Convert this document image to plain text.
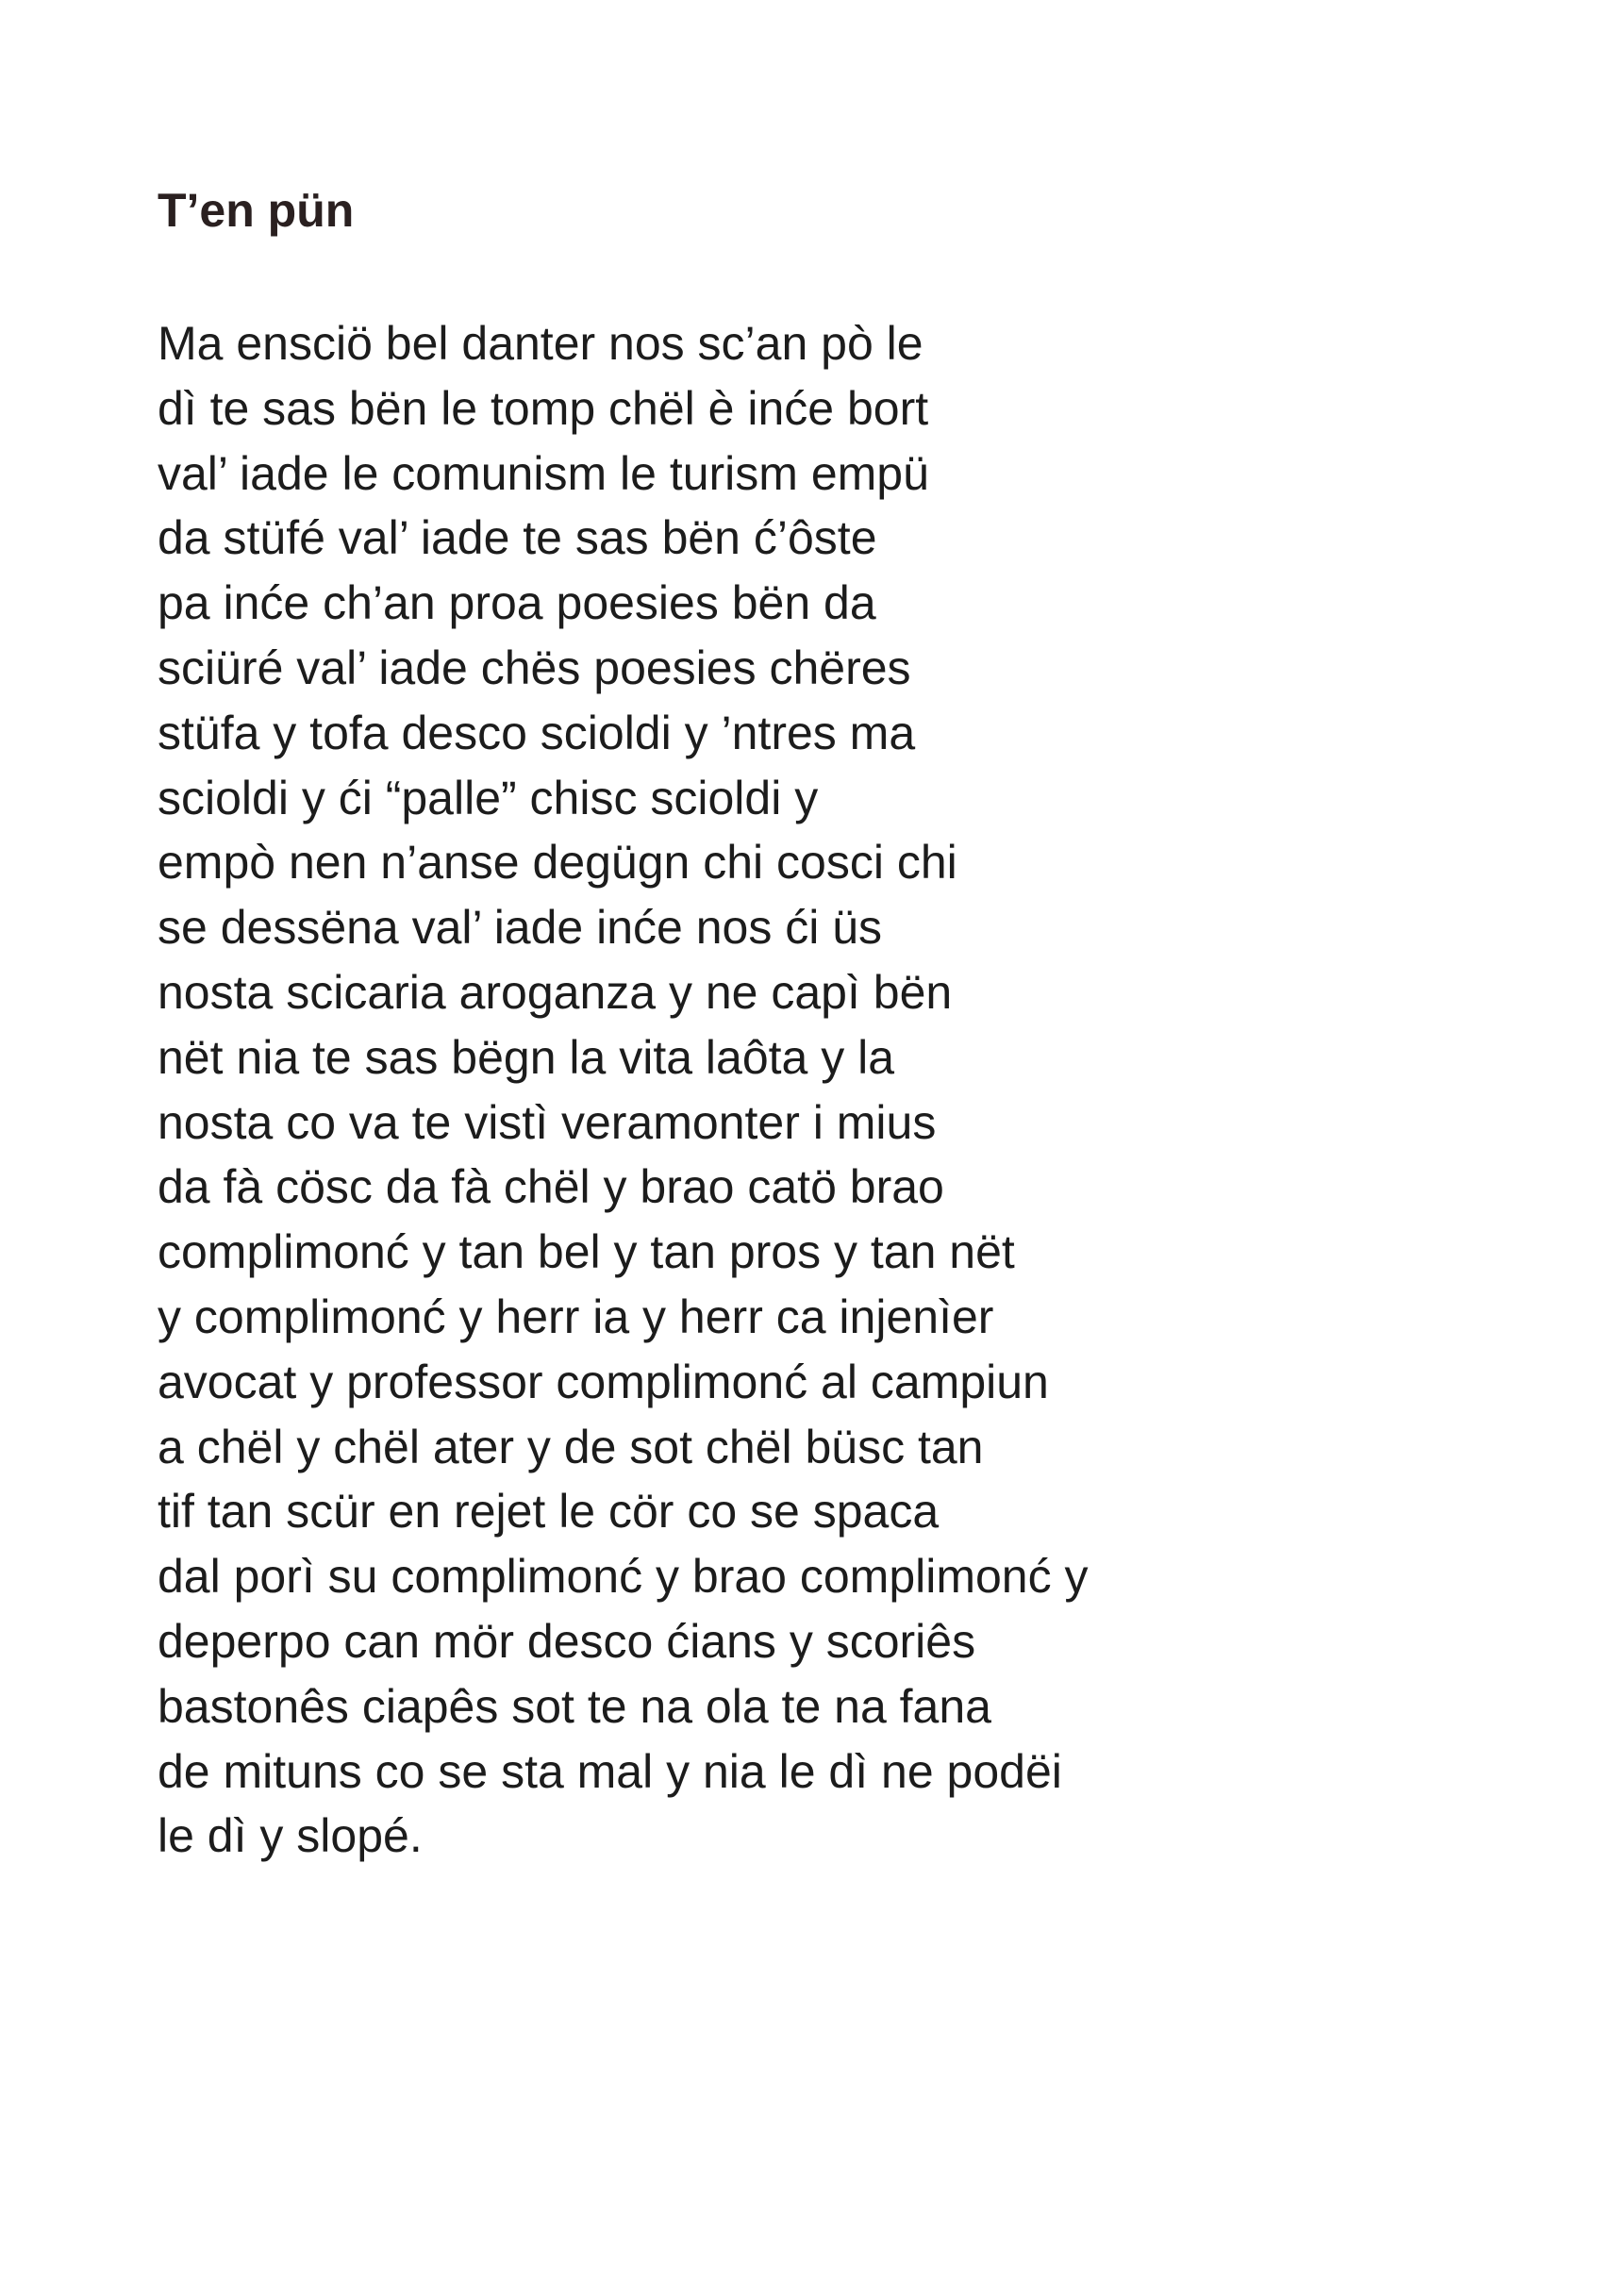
T’en pün
Ma ensciö bel danter nos sc’an pò le
dì te sas bën le tomp chël è inće bort
val’ iade le comunism le turism empü
da stüfé val’ iade te sas bën ć’ôste
pa inće ch’an proa poesies bën da
sciüré val’ iade chës poesies chëres
stüfa y tofa desco scioldi y ’ntres ma
scioldi y ći “palle” chisc scioldi y
empò nen n’anse degügn chi cosci chi
se dessëna val’ iade inće nos ći üs
nosta scicaria aroganza y ne capì bën
nët nia te sas bëgn la vita laôta y la
nosta co va te vistì veramonter i mius
da fà cösc da fà chël y brao catö brao
complimonć y tan bel y tan pros y tan nët
y complimonć y herr ia y herr ca injenìer
avocat y professor complimonć al campiun
a chël y chël ater y de sot chël büsc tan
tif tan scür en rejet le cör co se spaca
dal porì su complimonć y brao complimonć y
deperpo can mör desco ćians y scoriês
bastonês ciapês sot te na ola te na fana
de mituns co se sta mal y nia le dì ne podëi
le dì y slopé.
